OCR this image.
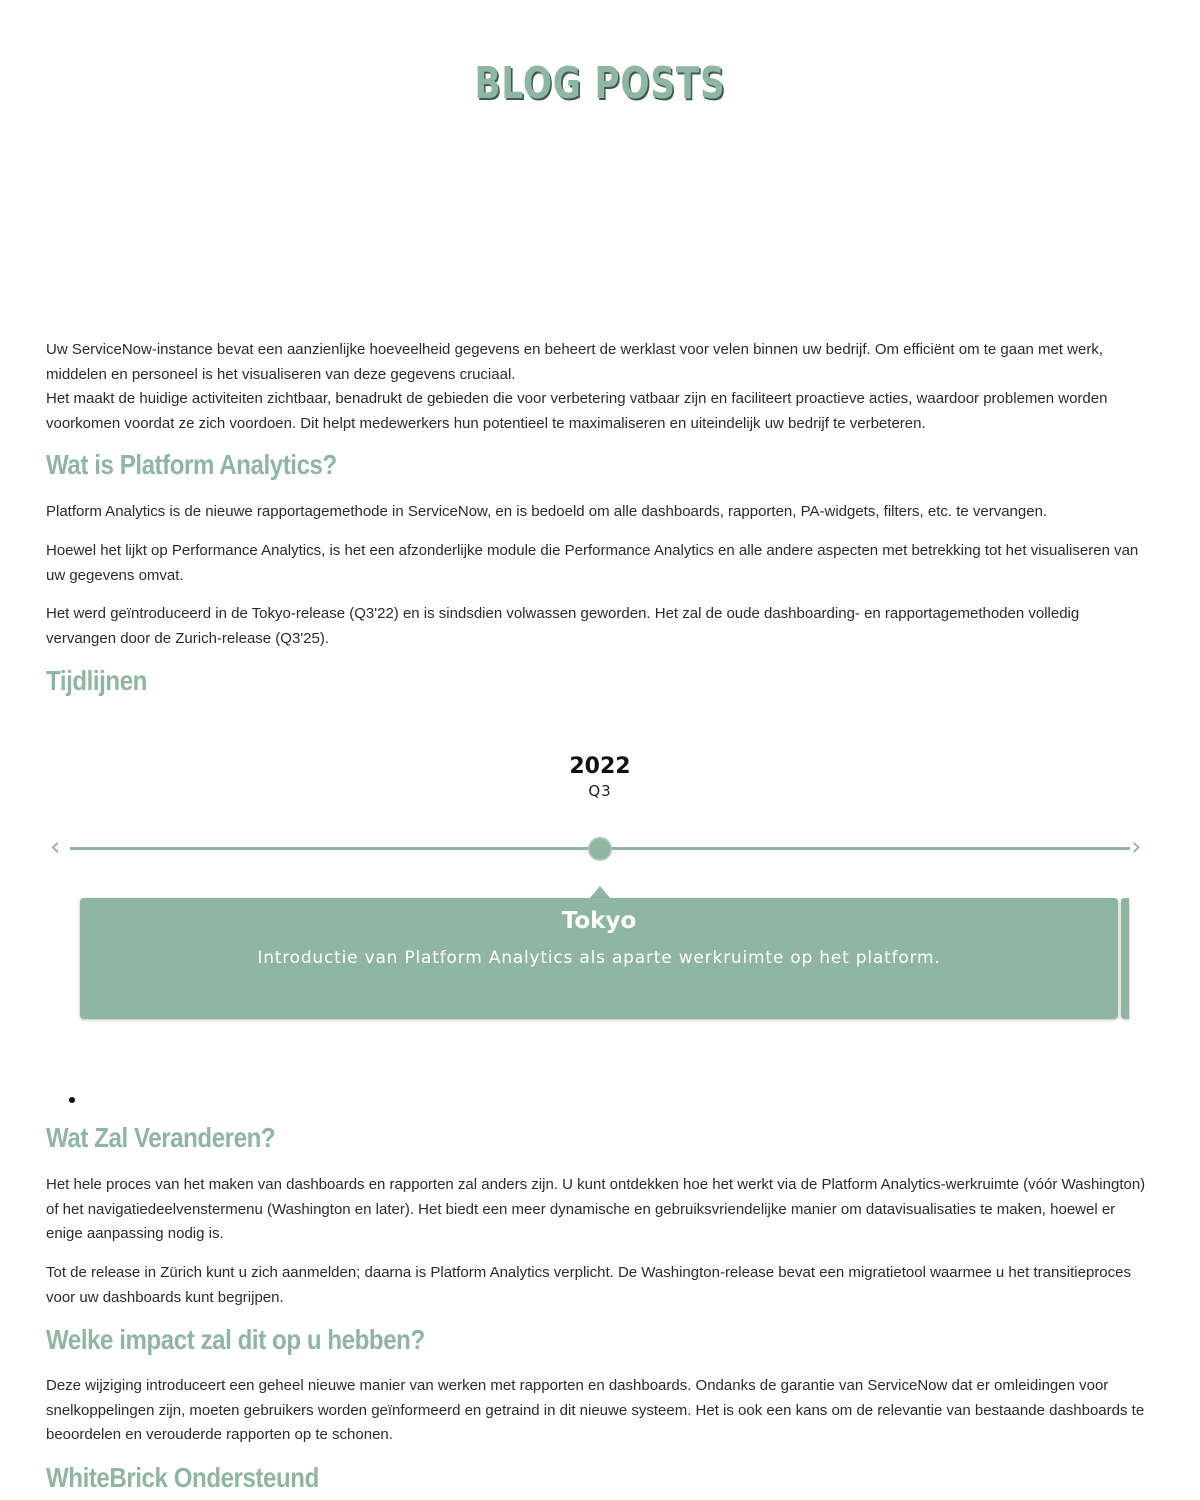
BLOG POSTS

Uw ServiceNow-instance bevat een aanzienlijke hoeveelheid gegevens en beheert de werklast voor velen binnen uw bedrijf. Om efficiënt om te gaan met werk, middelen en personeel is het visualiseren van deze gegevens cruciaal.

Het maakt de huidige activiteiten zichtbaar, benadrukt de gebieden die voor verbetering vatbaar zijn en faciliteert proactieve acties, waardoor problemen worden voorkomen voordat ze zich voordoen. Dit helpt medewerkers hun potentieel te maximaliseren en uiteindelijk uw bedrijf te verbeteren.

Wat is Platform Analytics?

Platform Analytics is de nieuwe rapportagemethode in ServiceNow, en is bedoeld om alle dashboards, rapporten, PA-widgets, filters, etc. te vervangen.

Hoewel het lijkt op Performance Analytics, is het een afzonderlijke module die Performance Analytics en alle andere aspecten met betrekking tot het visualiseren van uw gegevens omvat.

Het werd geïntroduceerd in de Tokyo-release (Q3'22) en is sindsdien volwassen geworden. Het zal de oude dashboarding- en rapportagemethoden volledig vervangen door de Zurich-release (Q3'25).

Tijdlijnen
2022
Q3
‹	›
Tokyo
Introductie van Platform Analytics als aparte werkruimte op het platform.
Wat Zal Veranderen?

Het hele proces van het maken van dashboards en rapporten zal anders zijn. U kunt ontdekken hoe het werkt via de Platform Analytics-werkruimte (vóór Washington) of het navigatiedeelvenstermenu (Washington en later). Het biedt een meer dynamische en gebruiksvriendelijke manier om datavisualisaties te maken, hoewel er enige aanpassing nodig is.

Tot de release in Zürich kunt u zich aanmelden; daarna is Platform Analytics verplicht. De Washington-release bevat een migratietool waarmee u het transitieproces voor uw dashboards kunt begrijpen.

Welke impact zal dit op u hebben?

Deze wijziging introduceert een geheel nieuwe manier van werken met rapporten en dashboards. Ondanks de garantie van ServiceNow dat er omleidingen voor snelkoppelingen zijn, moeten gebruikers worden geïnformeerd en getraind in dit nieuwe systeem. Het is ook een kans om de relevantie van bestaande dashboards te beoordelen en verouderde rapporten op te schonen.

WhiteBrick Ondersteund
